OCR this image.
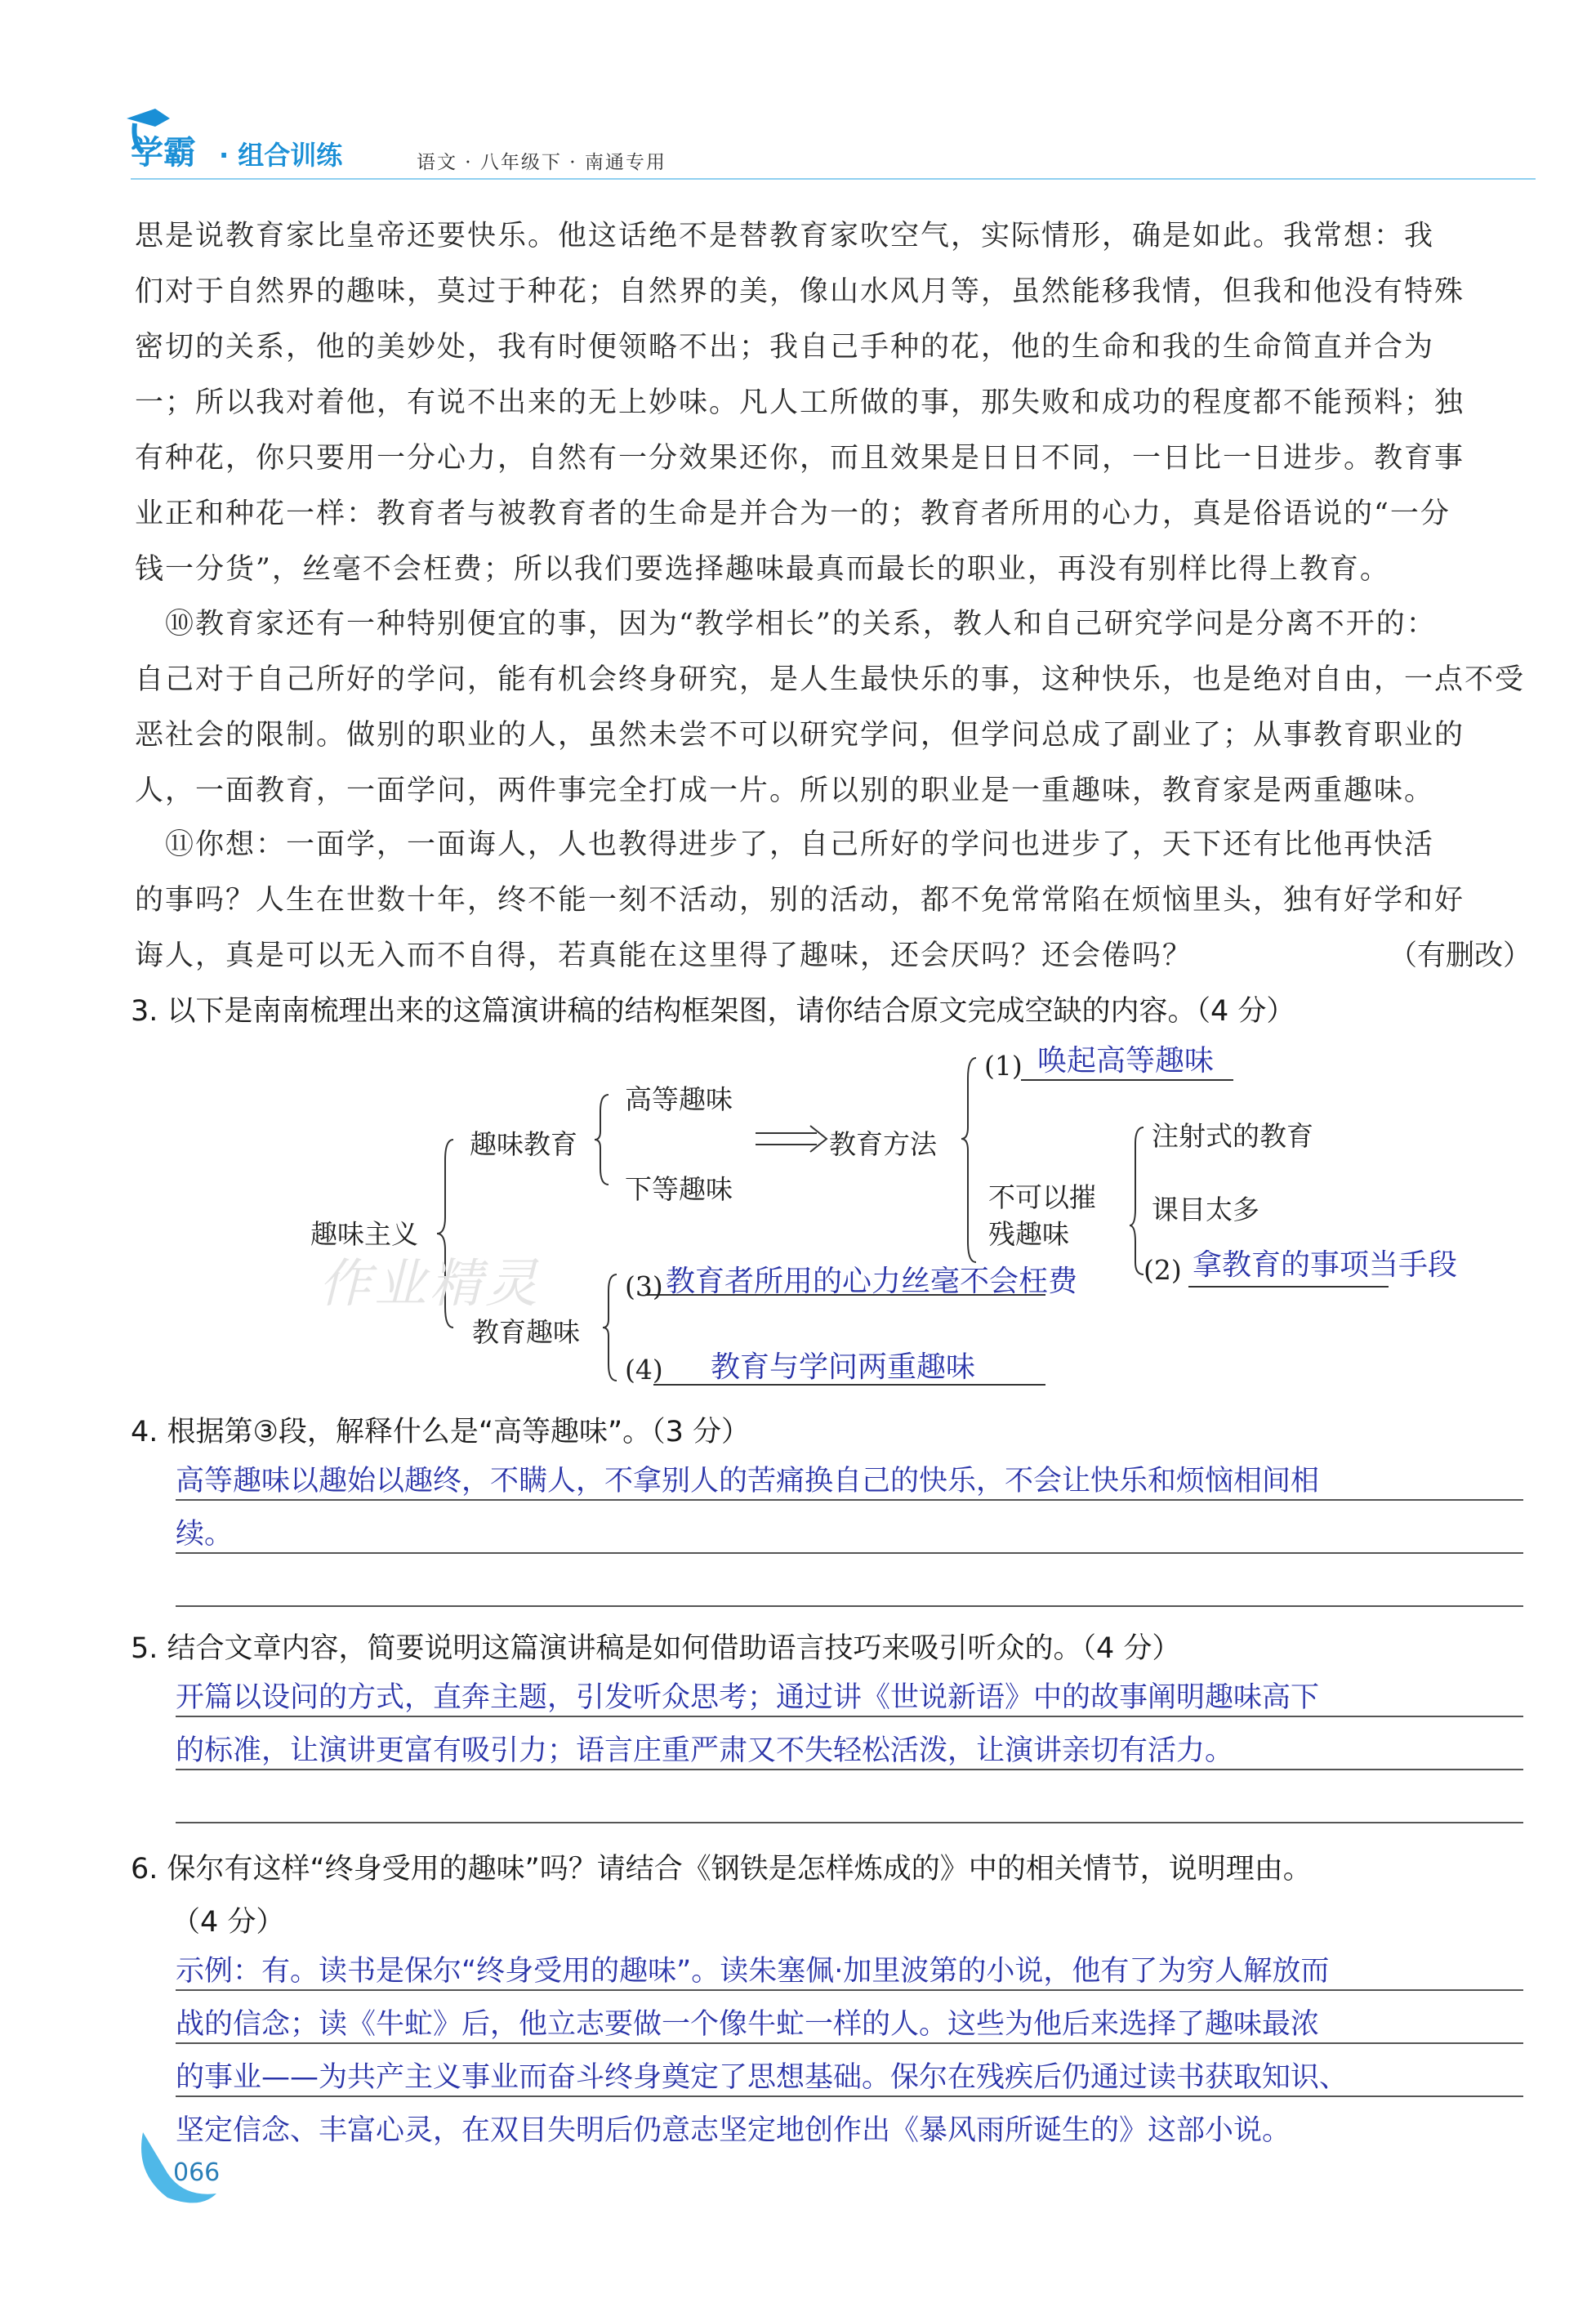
学霸 · 组合训练	语文 · 八年级下 · 南通专用
思是说教育家比皇帝还要快乐。他这话绝不是替教育家吹空气，实际情形，确是如此。我常想：我
们对于自然界的趣味，莫过于种花；自然界的美，像山水风月等，虽然能移我情，但我和他没有特殊
密切的关系，他的美妙处，我有时便领略不出；我自己手种的花，他的生命和我的生命简直并合为
一；所以我对着他，有说不出来的无上妙味。凡人工所做的事，那失败和成功的程度都不能预料；独
有种花，你只要用一分心力，自然有一分效果还你，而且效果是日日不同，一日比一日进步。教育事
业正和种花一样：教育者与被教育者的生命是并合为一的；教育者所用的心力，真是俗语说的“一分
钱一分货”，丝毫不会枉费；所以我们要选择趣味最真而最长的职业，再没有别样比得上教育。
　⑩教育家还有一种特别便宜的事，因为“教学相长”的关系，教人和自己研究学问是分离不开的：
自己对于自己所好的学问，能有机会终身研究，是人生最快乐的事，这种快乐，也是绝对自由，一点不受
恶社会的限制。做别的职业的人，虽然未尝不可以研究学问，但学问总成了副业了；从事教育职业的
人，一面教育，一面学问，两件事完全打成一片。所以别的职业是一重趣味，教育家是两重趣味。
　⑪你想：一面学，一面诲人，人也教得进步了，自己所好的学问也进步了，天下还有比他再快活
的事吗？人生在世数十年，终不能一刻不活动，别的活动，都不免常常陷在烦恼里头，独有好学和好
诲人，真是可以无入而不自得，若真能在这里得了趣味，还会厌吗？还会倦吗？	（有删改）
3. 以下是南南梳理出来的这篇演讲稿的结构框架图，请你结合原文完成空缺的内容。（4 分）
趣味主义
趣味教育
高等趣味
下等趣味
教育方法
(1) 唤起高等趣味
不可以摧
残趣味
注射式的教育
课目太多
(2) 拿教育的事项当手段
教育趣味
(3) 教育者所用的心力丝毫不会枉费
(4) 教育与学问两重趣味
作业精灵
4. 根据第③段，解释什么是“高等趣味”。（3 分）
高等趣味以趣始以趣终，不瞒人，不拿别人的苦痛换自己的快乐，不会让快乐和烦恼相间相
续。
5. 结合文章内容，简要说明这篇演讲稿是如何借助语言技巧来吸引听众的。（4 分）
开篇以设问的方式，直奔主题，引发听众思考；通过讲《世说新语》中的故事阐明趣味高下
的标准，让演讲更富有吸引力；语言庄重严肃又不失轻松活泼，让演讲亲切有活力。
6. 保尔有这样“终身受用的趣味”吗？请结合《钢铁是怎样炼成的》中的相关情节，说明理由。
（4 分）
示例：有。读书是保尔“终身受用的趣味”。读朱塞佩·加里波第的小说，他有了为穷人解放而
战的信念；读《牛虻》后，他立志要做一个像牛虻一样的人。这些为他后来选择了趣味最浓
的事业——为共产主义事业而奋斗终身奠定了思想基础。保尔在残疾后仍通过读书获取知识、
坚定信念、丰富心灵，在双目失明后仍意志坚定地创作出《暴风雨所诞生的》这部小说。
066
